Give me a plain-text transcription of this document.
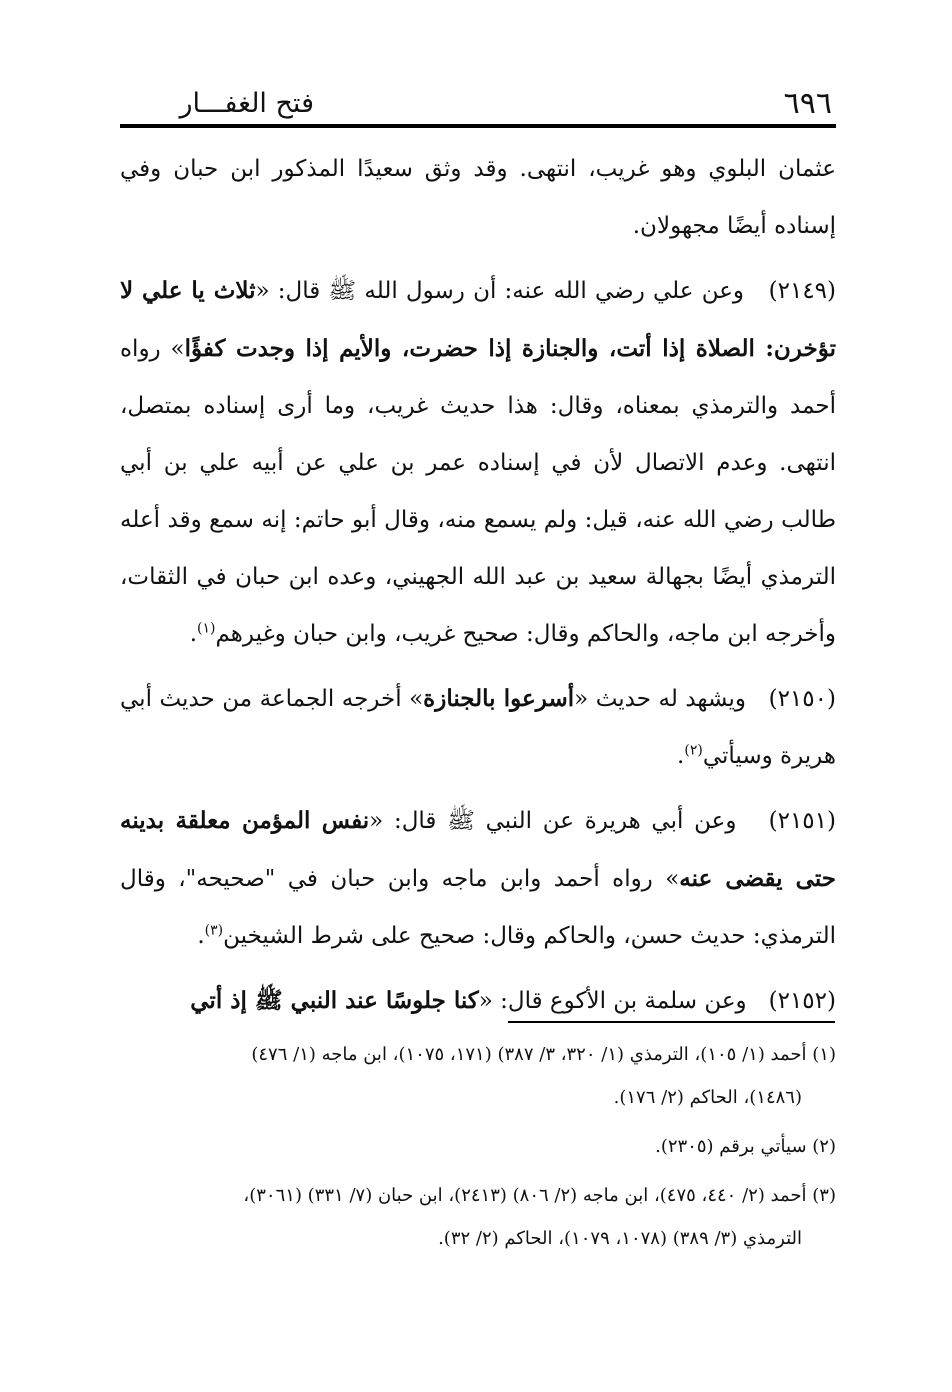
٦٩٦
فتح الغفـــار

عثمان البلوي وهو غريب، انتهى. وقد وثق سعيدًا المذكور ابن حبان وفي إسناده أيضًا مجهولان.

(٢١٤٩)   وعن علي رضي الله عنه: أن رسول الله ﷺ قال: «ثلاث يا علي لا تؤخرن: الصلاة إذا أتت، والجنازة إذا حضرت، والأيم إذا وجدت كفؤًا» رواه أحمد والترمذي بمعناه، وقال: هذا حديث غريب، وما أرى إسناده بمتصل، انتهى. وعدم الاتصال لأن في إسناده عمر بن علي عن أبيه علي بن أبي طالب رضي الله عنه، قيل: ولم يسمع منه، وقال أبو حاتم: إنه سمع وقد أعله الترمذي أيضًا بجهالة سعيد بن عبد الله الجهيني، وعده ابن حبان في الثقات، وأخرجه ابن ماجه، والحاكم وقال: صحيح غريب، وابن حبان وغيرهم$^{(١)}$.

(٢١٥٠)   ويشهد له حديث «أسرعوا بالجنازة» أخرجه الجماعة من حديث أبي هريرة وسيأتي$^{(٢)}$.

(٢١٥١)   وعن أبي هريرة عن النبي ﷺ قال: «نفس المؤمن معلقة بدينه حتى يقضى عنه» رواه أحمد وابن ماجه وابن حبان في "صحيحه"، وقال الترمذي: حديث حسن، والحاكم وقال: صحيح على شرط الشيخين$^{(٣)}$.

(٢١٥٢)   وعن سلمة بن الأكوع قال: «كنا جلوسًا عند النبي ﷺ إذ أتي

(١) أحمد (١/ ١٠٥)، الترمذي (١/ ٣٢٠، ٣/ ٣٨٧) (١٧١، ١٠٧٥)، ابن ماجه (١/ ٤٧٦)

(١٤٨٦)، الحاكم (٢/ ١٧٦).

(٢) سيأتي برقم (٢٣٠٥).

(٣) أحمد (٢/ ٤٤٠، ٤٧٥)، ابن ماجه (٢/ ٨٠٦) (٢٤١٣)، ابن حبان (٧/ ٣٣١) (٣٠٦١)،

الترمذي (٣/ ٣٨٩) (١٠٧٨، ١٠٧٩)، الحاكم (٢/ ٣٢).
